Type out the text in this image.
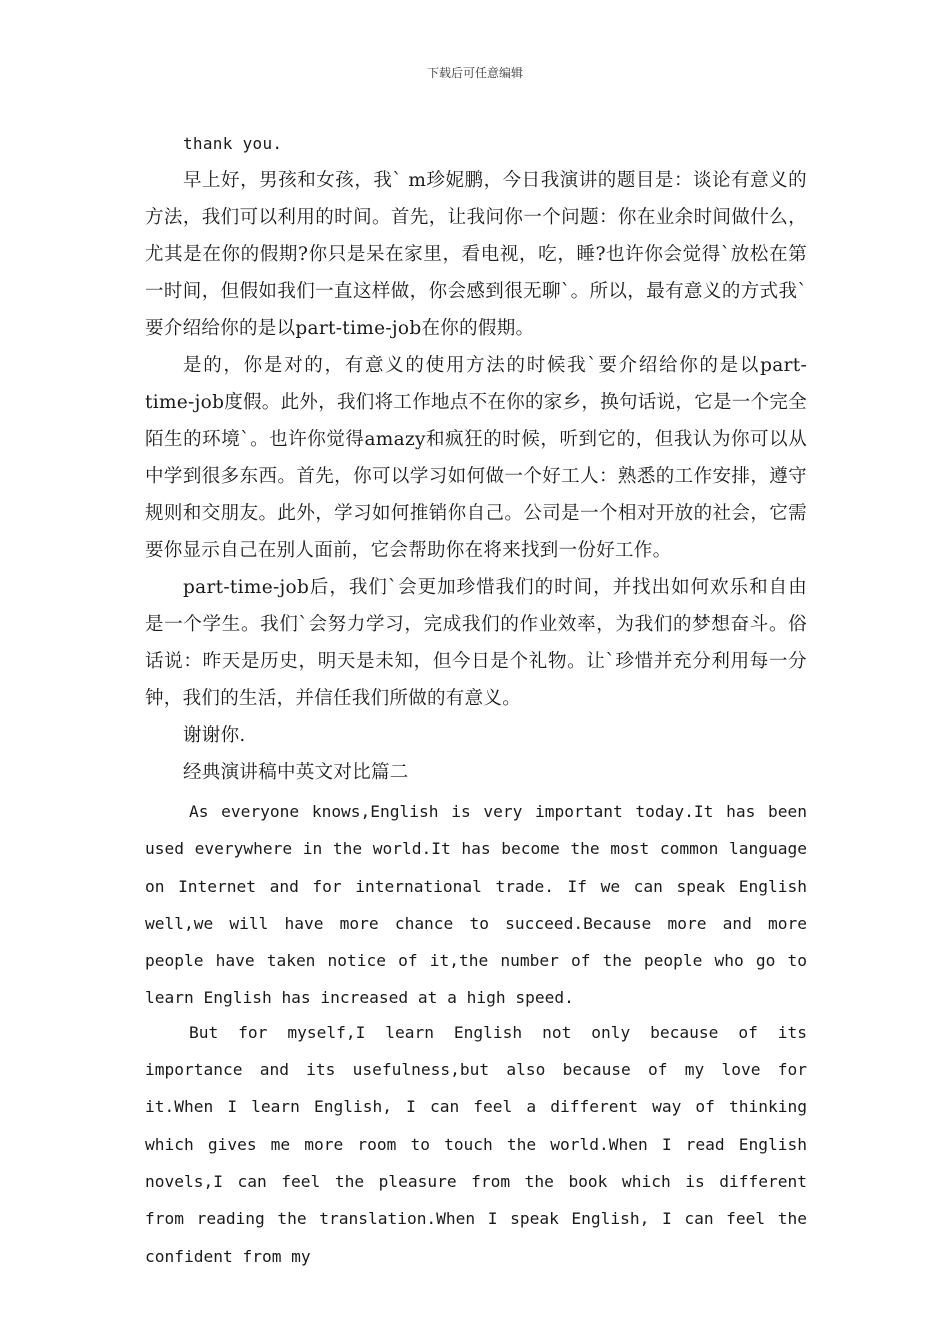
下载后可任意编辑

thank you.

早上好，男孩和女孩，我` m珍妮鹏，今日我演讲的题目是：谈论有意义的方法，我们可以利用的时间。首先，让我问你一个问题：你在业余时间做什么，尤其是在你的假期?你只是呆在家里，看电视，吃，睡?也许你会觉得`放松在第一时间，但假如我们一直这样做，你会感到很无聊`。所以，最有意义的方式我`要介绍给你的是以part-time-job在你的假期。

是的，你是对的，有意义的使用方法的时候我`要介绍给你的是以part-time-job度假。此外，我们将工作地点不在你的家乡，换句话说，它是一个完全陌生的环境`。也许你觉得amazy和疯狂的时候，听到它的，但我认为你可以从中学到很多东西。首先，你可以学习如何做一个好工人：熟悉的工作安排，遵守规则和交朋友。此外，学习如何推销你自己。公司是一个相对开放的社会，它需要你显示自己在别人面前，它会帮助你在将来找到一份好工作。

part-time-job后，我们`会更加珍惜我们的时间，并找出如何欢乐和自由是一个学生。我们`会努力学习，完成我们的作业效率，为我们的梦想奋斗。俗话说：昨天是历史，明天是未知，但今日是个礼物。让`珍惜并充分利用每一分钟，我们的生活，并信任我们所做的有意义。

谢谢你.

经典演讲稿中英文对比篇二

As everyone knows,English is very important today.It has been used everywhere in the world.It has become the most common language on Internet and for international trade. If we can speak English well,we will have more chance to succeed.Because more and more people have taken notice of it,the number of the people who go to learn English has increased at a high speed.

But for myself,I learn English not only because of its importance and its usefulness,but also because of my love for it.When I learn English, I can feel a different way of thinking which gives me more room to touch the world.When I read English novels,I can feel the pleasure from the book which is different from reading the translation.When I speak English, I can feel the confident from my
